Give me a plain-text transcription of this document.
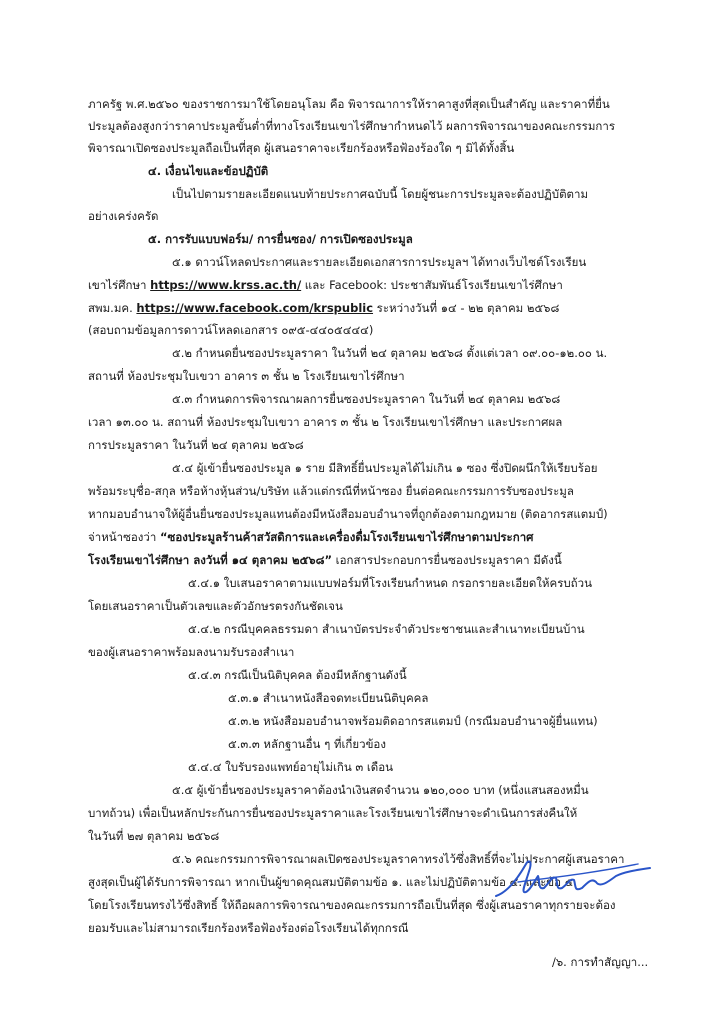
ภาครัฐ พ.ศ.๒๕๖๐ ของราชการมาใช้โดยอนุโลม คือ พิจารณาการให้ราคาสูงที่สุดเป็นสำคัญ และราคาที่ยื่น
ประมูลต้องสูงกว่าราคาประมูลขั้นต่ำที่ทางโรงเรียนเขาไร่ศึกษากำหนดไว้ ผลการพิจารณาของคณะกรรมการ
พิจารณาเปิดซองประมูลถือเป็นที่สุด ผู้เสนอราคาจะเรียกร้องหรือฟ้องร้องใด ๆ มิได้ทั้งสิ้น
๔. เงื่อนไขและข้อปฏิบัติ
เป็นไปตามรายละเอียดแนบท้ายประกาศฉบับนี้ โดยผู้ชนะการประมูลจะต้องปฏิบัติตาม
อย่างเคร่งครัด
๕. การรับแบบฟอร์ม/ การยื่นซอง/ การเปิดซองประมูล
๕.๑ ดาวน์โหลดประกาศและรายละเอียดเอกสารการประมูลฯ ได้ทางเว็บไซต์โรงเรียน
เขาไร่ศึกษา https://www.krss.ac.th/ และ Facebook: ประชาสัมพันธ์โรงเรียนเขาไร่ศึกษา
สพม.มค. https://www.facebook.com/krspublic ระหว่างวันที่ ๑๔ - ๒๒ ตุลาคม ๒๕๖๘
(สอบถามข้อมูลการดาวน์โหลดเอกสาร ๐๙๕-๔๔๐๕๔๔๔)
๕.๒ กำหนดยื่นซองประมูลราคา ในวันที่ ๒๔ ตุลาคม ๒๕๖๘ ตั้งแต่เวลา ๐๙.๐๐-๑๒.๐๐ น.
สถานที่ ห้องประชุมใบเขวา อาคาร ๓ ชั้น ๒ โรงเรียนเขาไร่ศึกษา
๕.๓ กำหนดการพิจารณาผลการยื่นซองประมูลราคา ในวันที่ ๒๔ ตุลาคม ๒๕๖๘
เวลา ๑๓.๐๐ น. สถานที่ ห้องประชุมใบเขวา อาคาร ๓ ชั้น ๒ โรงเรียนเขาไร่ศึกษา และประกาศผล
การประมูลราคา ในวันที่ ๒๔ ตุลาคม ๒๕๖๘
๕.๔ ผู้เข้ายื่นซองประมูล ๑ ราย มีสิทธิ์ยื่นประมูลได้ไม่เกิน ๑ ซอง ซึ่งปิดผนึกให้เรียบร้อย
พร้อมระบุชื่อ-สกุล หรือห้างหุ้นส่วน/บริษัท แล้วแต่กรณีที่หน้าซอง ยื่นต่อคณะกรรมการรับซองประมูล
หากมอบอำนาจให้ผู้อื่นยื่นซองประมูลแทนต้องมีหนังสือมอบอำนาจที่ถูกต้องตามกฎหมาย (ติดอากรสแตมป์)
จ่าหน้าซองว่า “ซองประมูลร้านค้าสวัสดิการและเครื่องดื่มโรงเรียนเขาไร่ศึกษาตามประกาศ
โรงเรียนเขาไร่ศึกษา ลงวันที่ ๑๔ ตุลาคม ๒๕๖๘” เอกสารประกอบการยื่นซองประมูลราคา มีดังนี้
๕.๔.๑ ใบเสนอราคาตามแบบฟอร์มที่โรงเรียนกำหนด กรอกรายละเอียดให้ครบถ้วน
โดยเสนอราคาเป็นตัวเลขและตัวอักษรตรงกันชัดเจน
๕.๔.๒ กรณีบุคคลธรรมดา สำเนาบัตรประจำตัวประชาชนและสำเนาทะเบียนบ้าน
ของผู้เสนอราคาพร้อมลงนามรับรองสำเนา
๕.๔.๓ กรณีเป็นนิติบุคคล ต้องมีหลักฐานดังนี้
๕.๓.๑ สำเนาหนังสือจดทะเบียนนิติบุคคล
๕.๓.๒ หนังสือมอบอำนาจพร้อมติดอากรสแตมป์ (กรณีมอบอำนาจผู้ยื่นแทน)
๕.๓.๓ หลักฐานอื่น ๆ ที่เกี่ยวข้อง
๕.๔.๔ ใบรับรองแพทย์อายุไม่เกิน ๓ เดือน
๕.๕ ผู้เข้ายื่นซองประมูลราคาต้องนำเงินสดจำนวน ๑๒๐,๐๐๐ บาท (หนึ่งแสนสองหมื่น
บาทถ้วน) เพื่อเป็นหลักประกันการยื่นซองประมูลราคาและโรงเรียนเขาไร่ศึกษาจะดำเนินการส่งคืนให้
ในวันที่ ๒๗ ตุลาคม ๒๕๖๘
๕.๖ คณะกรรมการพิจารณาผลเปิดซองประมูลราคาทรงไว้ซึ่งสิทธิ์ที่จะไม่ประกาศผู้เสนอราคา
สูงสุดเป็นผู้ได้รับการพิจารณา หากเป็นผู้ขาดคุณสมบัติตามข้อ ๑. และไม่ปฏิบัติตามข้อ ๔. และข้อ ๕.
โดยโรงเรียนทรงไว้ซึ่งสิทธิ์ ให้ถือผลการพิจารณาของคณะกรรมการถือเป็นที่สุด ซึ่งผู้เสนอราคาทุกรายจะต้อง
ยอมรับและไม่สามารถเรียกร้องหรือฟ้องร้องต่อโรงเรียนได้ทุกกรณี
/๖. การทำสัญญา...
